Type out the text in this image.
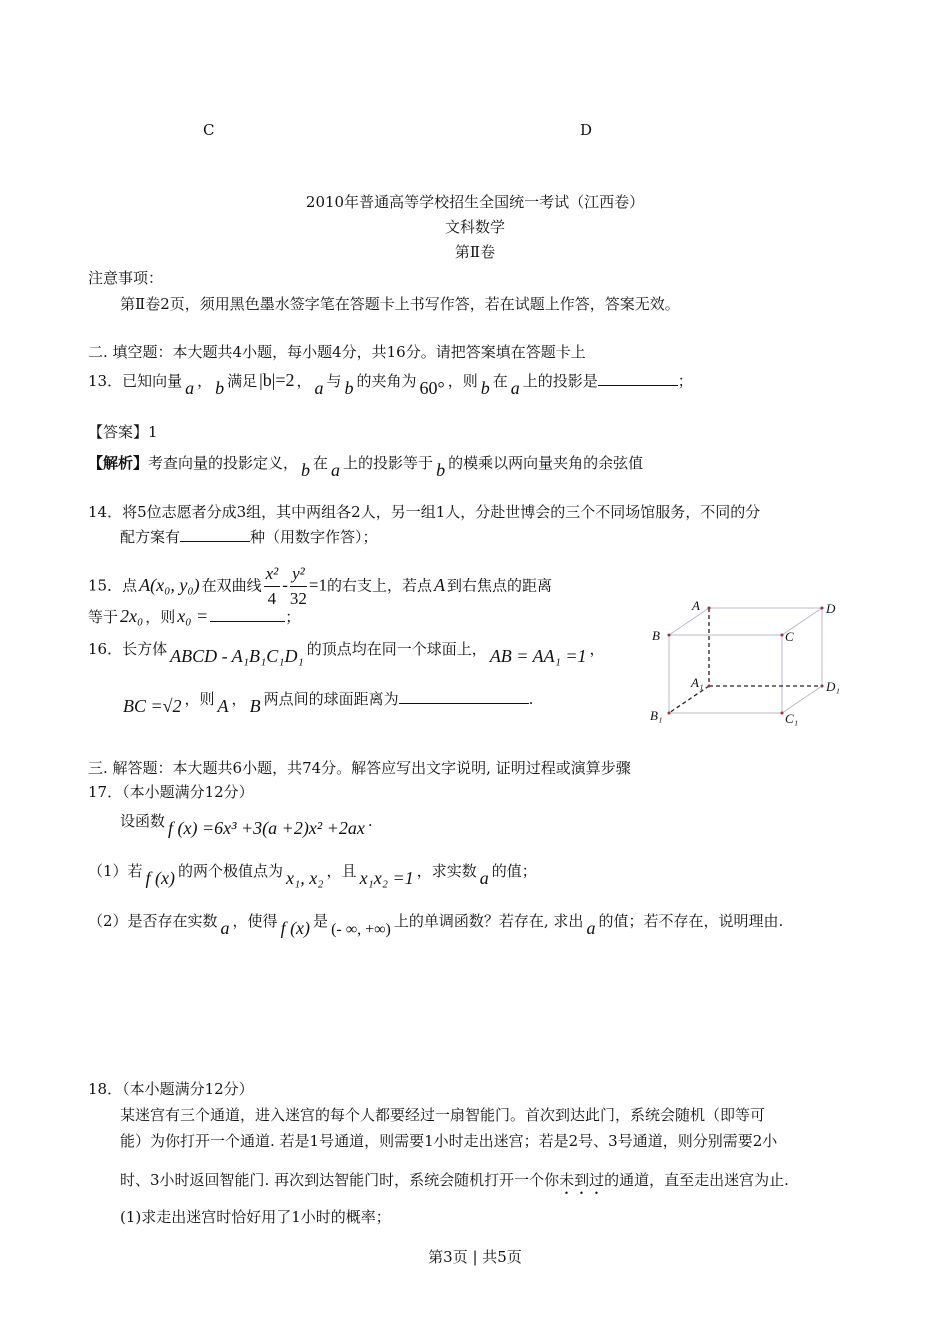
C	D
2010年普通高等学校招生全国统一考试（江西卷）
文科数学
第Ⅱ卷
注意事项：
第Ⅱ卷2页，须用黑色墨水签字笔在答题卡上书写作答，若在试题上作答，答案无效。
二. 填空题：本大题共4小题，每小题4分，共16分。请把答案填在答题卡上
13．已知向量 a ， b 满足 |b|=2 ， a 与 b 的夹角为 60° ，则 b 在 a 上的投影是	；
【答案】1
【解析】考查向量的投影定义， b 在 a 上的投影等于 b 的模乘以两向量夹角的余弦值
14．将5位志愿者分成3组，其中两组各2人，另一组1人，分赴世博会的三个不同场馆服务，不同的分
配方案有	种（用数字作答）；
15．点 A(x₀, y₀) 在双曲线 $\frac{\text{x²}}{4} - \frac{\text{y²}}{32} =1$的右支上，若点 A 到右焦点的距离
等于 2x₀ ，则 x₀ =	；
16．长方体 ABCD - A₁B₁C₁D₁ 的顶点均在同一个球面上， AB = AA₁ =1 ，
BC =√2 ，则 A ， B 两点间的球面距离为	.
A	D
B	C
A₁	D₁
B₁	C₁
三. 解答题：本大题共6小题，共74分。解答应写出文字说明, 证明过程或演算步骤
17．（本小题满分12分）
设函数 f (x) =6x³ +3(a +2)x² +2ax .
（1）若 f (x) 的两个极值点为 x₁, x₂ ，且 x₁x₂ =1 ，求实数 a 的值；
（2）是否存在实数 a ，使得 f (x) 是 (- ∞, +∞) 上的单调函数？若存在, 求出 a 的值；若不存在，说明理由.
18．（本小题满分12分）
某迷宫有三个通道，进入迷宫的每个人都要经过一扇智能门。首次到达此门，系统会随机（即等可
能）为你打开一个通道. 若是1号通道，则需要1小时走出迷宫；若是2号、3号通道，则分别需要2小
时、3小时返回智能门. 再次到达智能门时，系统会随机打开一个你未到过的通道，直至走出迷宫为止.
(1)求走出迷宫时恰好用了1小时的概率；
第3页 | 共5页
